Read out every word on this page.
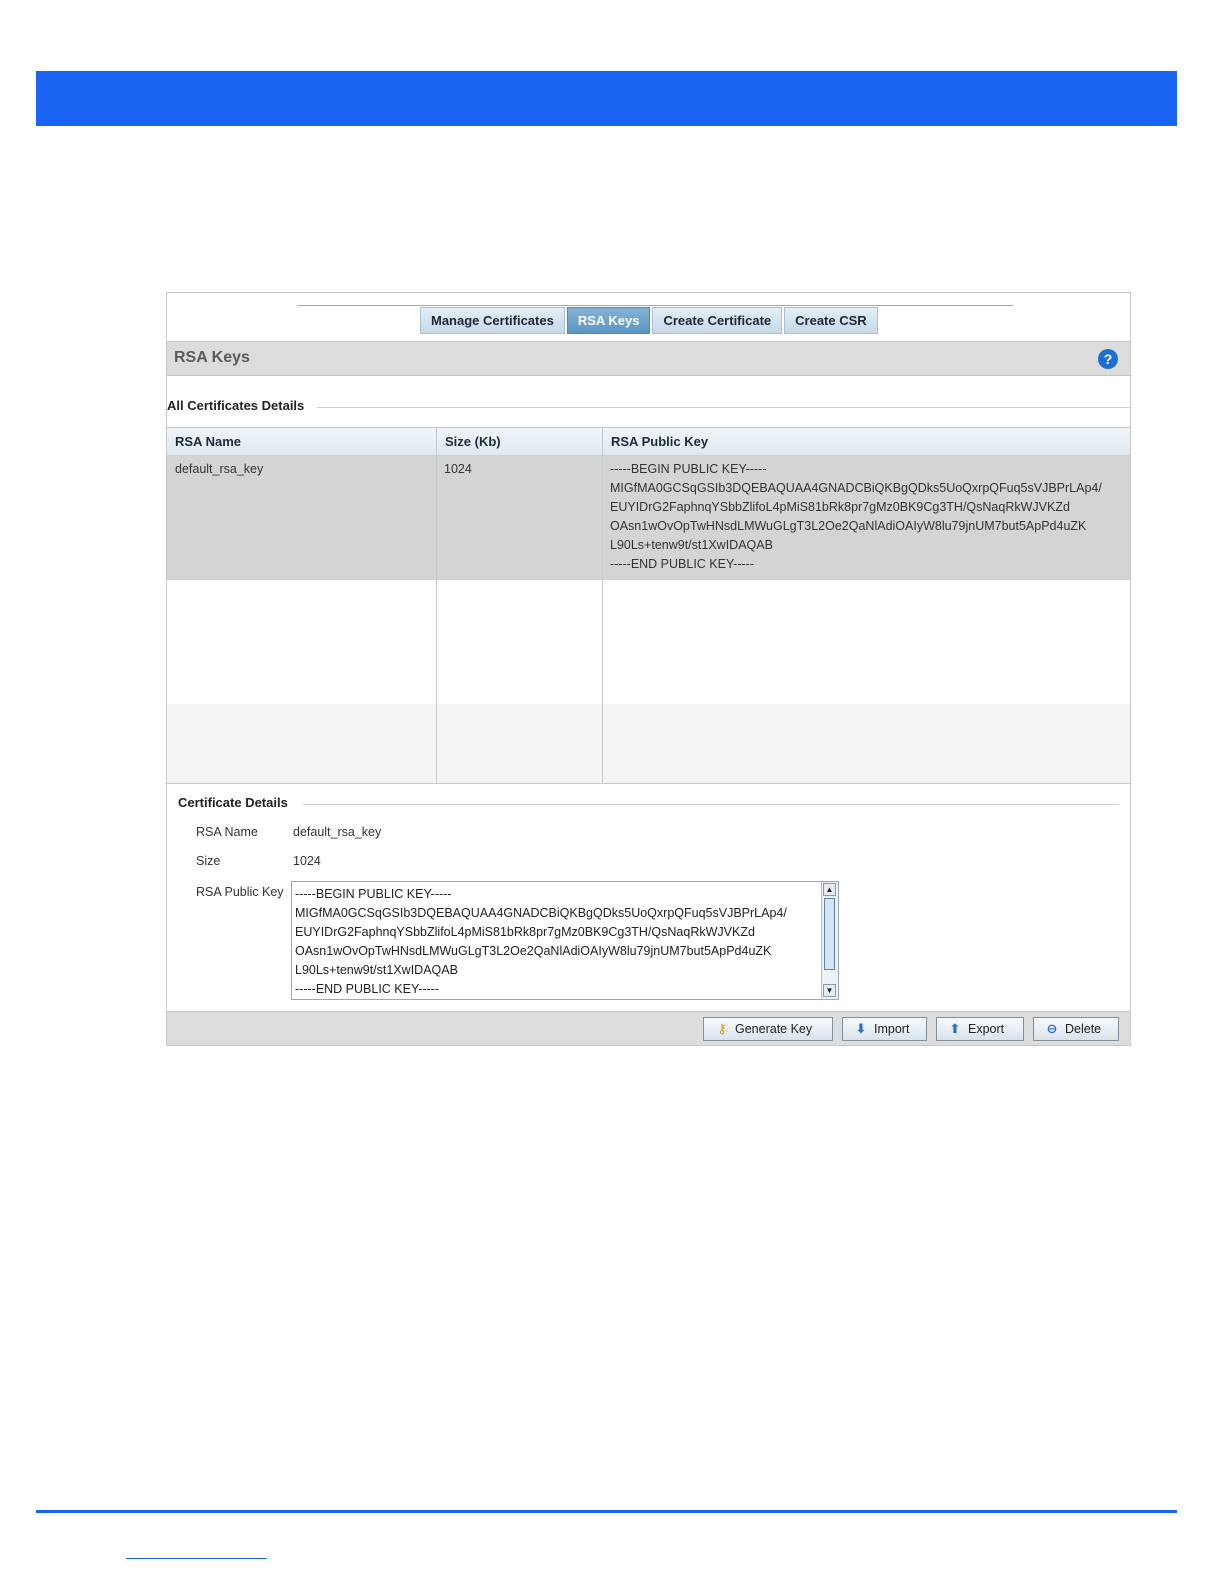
Manage Certificates	RSA Keys	Create Certificate	Create CSR
RSA Keys	?
All Certificates Details
RSA Name	Size (Kb)	RSA Public Key
default_rsa_key	1024	-----BEGIN PUBLIC KEY-----
MIGfMA0GCSqGSIb3DQEBAQUAA4GNADCBiQKBgQDks5UoQxrpQFuq5sVJBPrLAp4/
EUYIDrG2FaphnqYSbbZlifoL4pMiS81bRk8pr7gMz0BK9Cg3TH/QsNaqRkWJVKZd
OAsn1wOvOpTwHNsdLMWuGLgT3L2Oe2QaNlAdiOAIyW8lu79jnUM7but5ApPd4uZK
L90Ls+tenw9t/st1XwIDAQAB
-----END PUBLIC KEY-----
Certificate Details
RSA Name	default_rsa_key
Size	1024
RSA Public Key -----BEGIN PUBLIC KEY-----
MIGfMA0GCSqGSIb3DQEBAQUAA4GNADCBiQKBgQDks5UoQxrpQFuq5sVJBPrLAp4/
EUYIDrG2FaphnqYSbbZlifoL4pMiS81bRk8pr7gMz0BK9Cg3TH/QsNaqRkWJVKZd
OAsn1wOvOpTwHNsdLMWuGLgT3L2Oe2QaNlAdiOAIyW8lu79jnUM7but5ApPd4uZK
L90Ls+tenw9t/st1XwIDAQAB
-----END PUBLIC KEY-----
▲
▼
⚷ Generate Key	⬇ Import	⬆ Export	⊖ Delete
